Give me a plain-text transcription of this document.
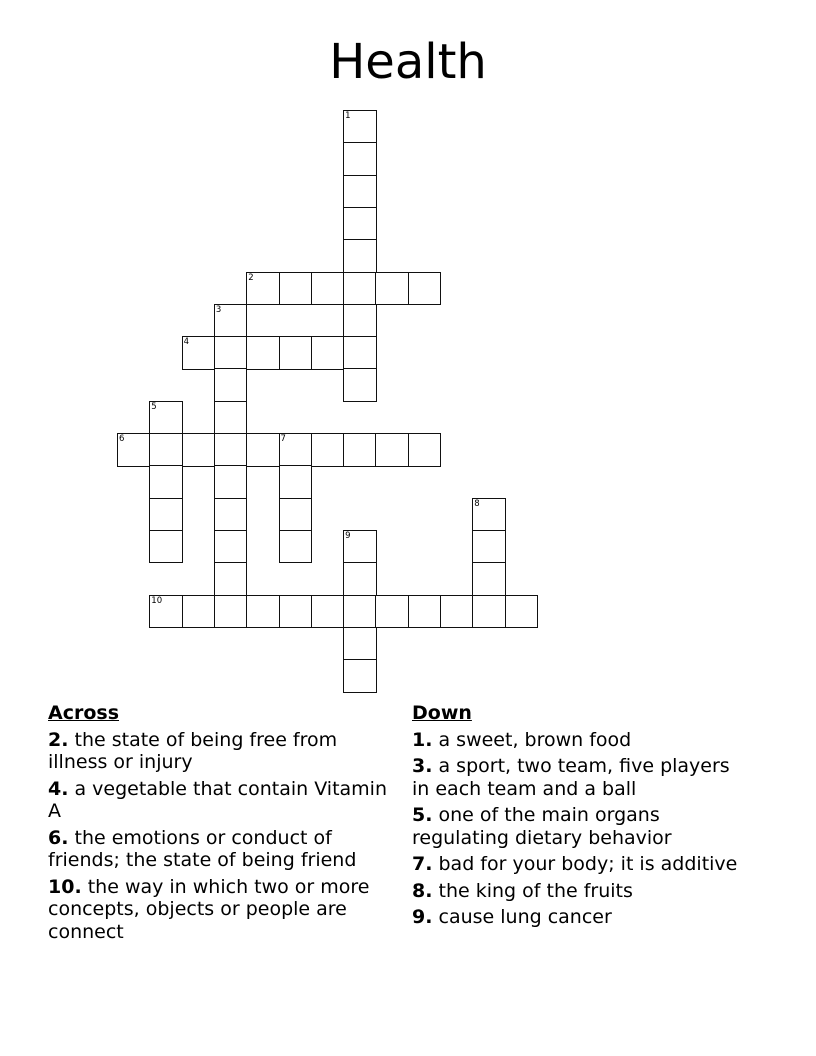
Health
1
2
3
4
5
6	7
8
9
10
Across
2. the state of being free from illness or injury
4. a vegetable that contain Vitamin A
6. the emotions or conduct of friends; the state of being friend
10. the way in which two or more concepts, objects or people are connect
Down
1. a sweet, brown food
3. a sport, two team, five players in each team and a ball
5. one of the main organs regulating dietary behavior
7. bad for your body; it is additive
8. the king of the fruits
9. cause lung cancer
